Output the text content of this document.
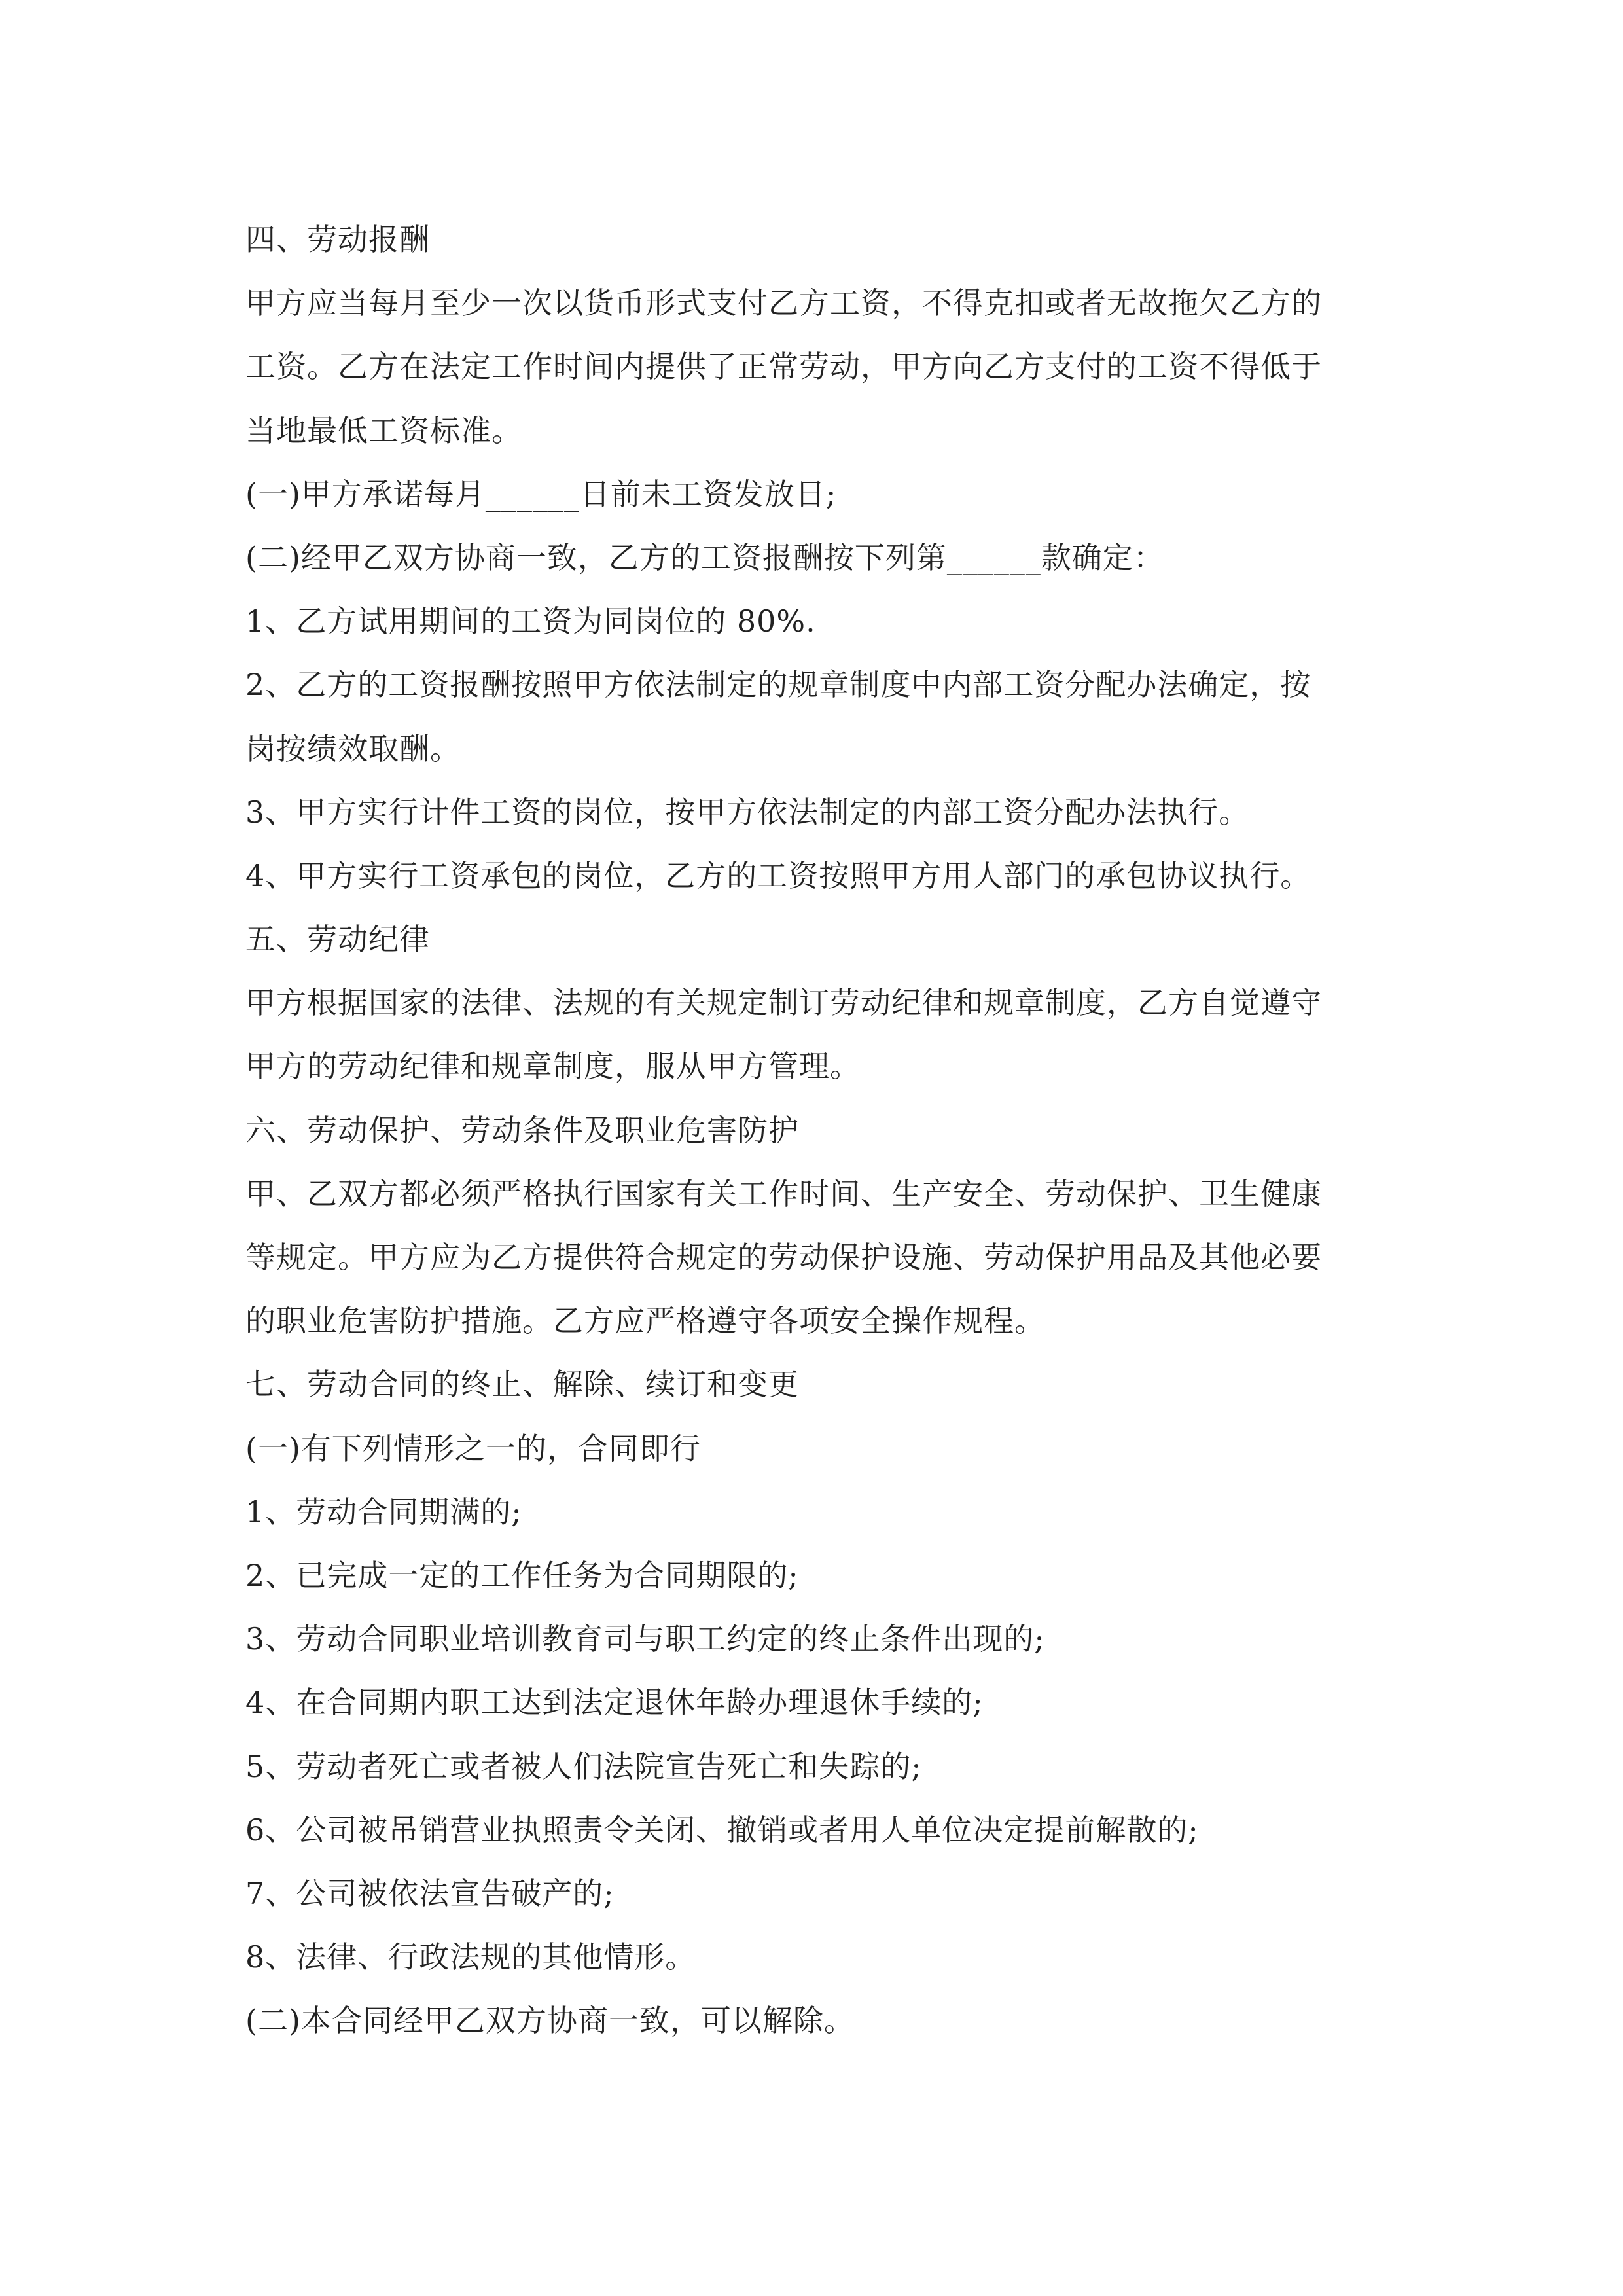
四、劳动报酬
甲方应当每月至少一次以货币形式支付乙方工资，不得克扣或者无故拖欠乙方的
工资。乙方在法定工作时间内提供了正常劳动，甲方向乙方支付的工资不得低于
当地最低工资标准。
(一)甲方承诺每月______日前未工资发放日;
(二)经甲乙双方协商一致，乙方的工资报酬按下列第______款确定：
1、乙方试用期间的工资为同岗位的 80%.
2、乙方的工资报酬按照甲方依法制定的规章制度中内部工资分配办法确定，按
岗按绩效取酬。
3、甲方实行计件工资的岗位，按甲方依法制定的内部工资分配办法执行。
4、甲方实行工资承包的岗位，乙方的工资按照甲方用人部门的承包协议执行。
五、劳动纪律
甲方根据国家的法律、法规的有关规定制订劳动纪律和规章制度，乙方自觉遵守
甲方的劳动纪律和规章制度，服从甲方管理。
六、劳动保护、劳动条件及职业危害防护
甲、乙双方都必须严格执行国家有关工作时间、生产安全、劳动保护、卫生健康
等规定。甲方应为乙方提供符合规定的劳动保护设施、劳动保护用品及其他必要
的职业危害防护措施。乙方应严格遵守各项安全操作规程。
七、劳动合同的终止、解除、续订和变更
(一)有下列情形之一的，合同即行
1、劳动合同期满的;
2、已完成一定的工作任务为合同期限的;
3、劳动合同职业培训教育司与职工约定的终止条件出现的;
4、在合同期内职工达到法定退休年龄办理退休手续的;
5、劳动者死亡或者被人们法院宣告死亡和失踪的;
6、公司被吊销营业执照责令关闭、撤销或者用人单位决定提前解散的;
7、公司被依法宣告破产的;
8、法律、行政法规的其他情形。
(二)本合同经甲乙双方协商一致，可以解除。
